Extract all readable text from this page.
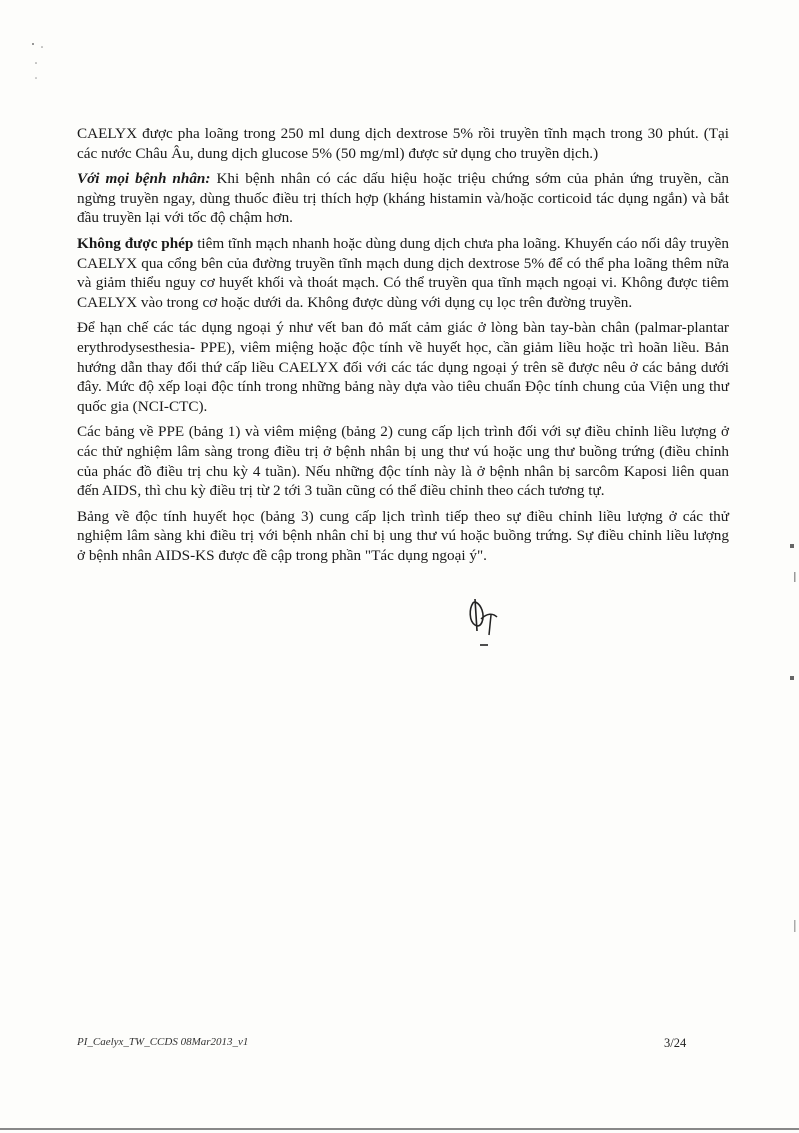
CAELYX được pha loãng trong 250 ml dung dịch dextrose 5% rồi truyền tĩnh mạch trong 30 phút. (Tại các nước Châu Âu, dung dịch glucose 5% (50 mg/ml) được sử dụng cho truyền dịch.)

Với mọi bệnh nhân: Khi bệnh nhân có các dấu hiệu hoặc triệu chứng sớm của phản ứng truyền, cần ngừng truyền ngay, dùng thuốc điều trị thích hợp (kháng histamin và/hoặc corticoid tác dụng ngắn) và bắt đầu truyền lại với tốc độ chậm hơn.

Không được phép tiêm tĩnh mạch nhanh hoặc dùng dung dịch chưa pha loãng. Khuyến cáo nối dây truyền CAELYX qua cổng bên của đường truyền tĩnh mạch dung dịch dextrose 5% để có thể pha loãng thêm nữa và giảm thiểu nguy cơ huyết khối và thoát mạch. Có thể truyền qua tĩnh mạch ngoại vi. Không được tiêm CAELYX vào trong cơ hoặc dưới da. Không được dùng với dụng cụ lọc trên đường truyền.

Để hạn chế các tác dụng ngoại ý như vết ban đỏ mất cảm giác ở lòng bàn tay-bàn chân (palmar-plantar erythrodysesthesia- PPE), viêm miệng hoặc độc tính về huyết học, cần giảm liều hoặc trì hoãn liều. Bản hướng dẫn thay đổi thứ cấp liều CAELYX đối với các tác dụng ngoại ý trên sẽ được nêu ở các bảng dưới đây. Mức độ xếp loại độc tính trong những bảng này dựa vào tiêu chuẩn Độc tính chung của Viện ung thư quốc gia (NCI-CTC).

Các bảng về PPE (bảng 1) và viêm miệng (bảng 2) cung cấp lịch trình đối với sự điều chỉnh liều lượng ở các thử nghiệm lâm sàng trong điều trị ở bệnh nhân bị ung thư vú hoặc ung thư buồng trứng (điều chỉnh của phác đồ điều trị chu kỳ 4 tuần). Nếu những độc tính này là ở bệnh nhân bị sarcôm Kaposi liên quan đến AIDS, thì chu kỳ điều trị từ 2 tới 3 tuần cũng có thể điều chỉnh theo cách tương tự.

Bảng về độc tính huyết học (bảng 3) cung cấp lịch trình tiếp theo sự điều chỉnh liều lượng ở các thử nghiệm lâm sàng khi điều trị với bệnh nhân chỉ bị ung thư vú hoặc buồng trứng. Sự điều chỉnh liều lượng ở bệnh nhân AIDS-KS được đề cập trong phần "Tác dụng ngoại ý".

PI_Caelyx_TW_CCDS 08Mar2013_v1	3/24
